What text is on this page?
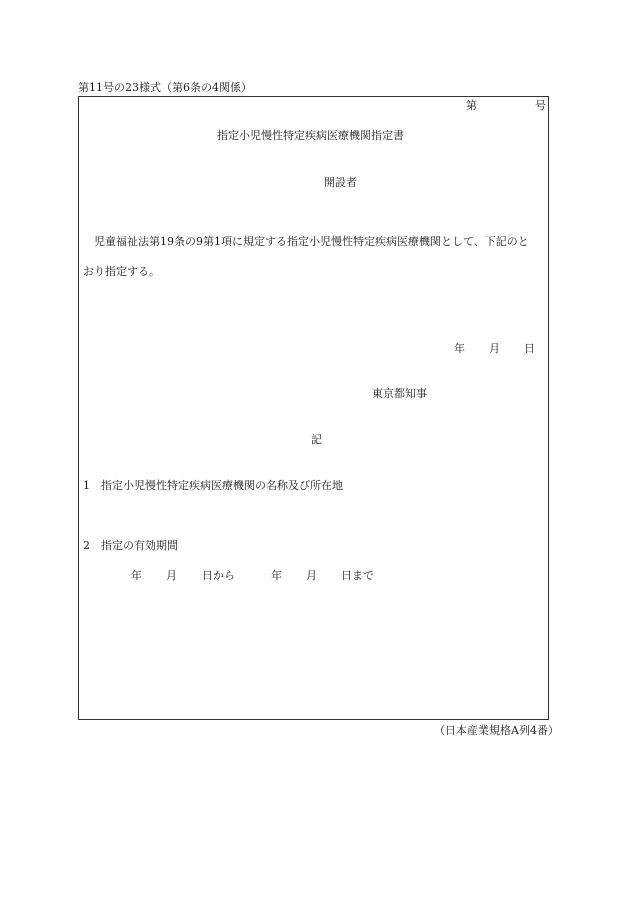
第11号の23様式（第6条の4関係）
第	号
指定小児慢性特定疾病医療機関指定書
開設者
児童福祉法第19条の9第1項に規定する指定小児慢性特定疾病医療機関として、下記のと
おり指定する。
年 月 日
東京都知事
記
1　指定小児慢性特定疾病医療機関の名称及び所在地
2　指定の有効期間
年 月 日から	年 月 日まで
（日本産業規格A列4番）
